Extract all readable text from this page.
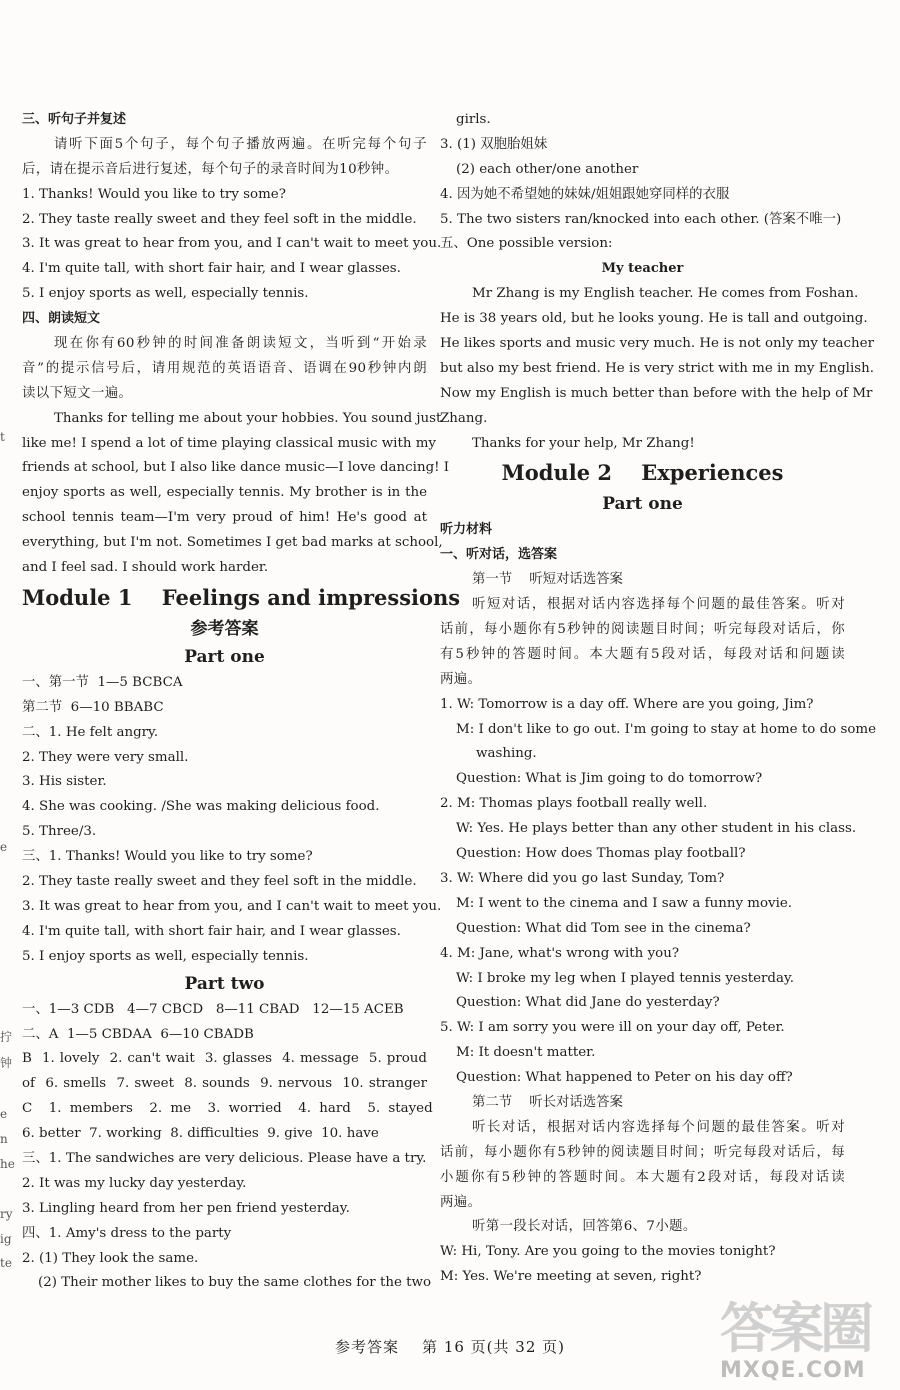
三、听句子并复述
请听下面5个句子，每个句子播放两遍。在听完每个句子
后，请在提示音后进行复述，每个句子的录音时间为10秒钟。
1. Thanks! Would you like to try some?
2. They taste really sweet and they feel soft in the middle.
3. It was great to hear from you, and I can't wait to meet you.
4. I'm quite tall, with short fair hair, and I wear glasses.
5. I enjoy sports as well, especially tennis.
四、朗读短文
现在你有60秒钟的时间准备朗读短文，当听到“开始录
音”的提示信号后，请用规范的英语语音、语调在90秒钟内朗
读以下短文一遍。
Thanks for telling me about your hobbies. You sound just
like me! I spend a lot of time playing classical music with my
friends at school, but I also like dance music—I love dancing! I
enjoy sports as well, especially tennis. My brother is in the
school tennis team—I'm very proud of him! He's good at
everything, but I'm not. Sometimes I get bad marks at school,
and I feel sad. I should work harder.
Module 1    Feelings and impressions
参考答案
Part one
一、第一节  1—5 BCBCA
第二节  6—10 BBABC
二、1. He felt angry.
2. They were very small.
3. His sister.
4. She was cooking. /She was making delicious food.
5. Three/3.
三、1. Thanks! Would you like to try some?
2. They taste really sweet and they feel soft in the middle.
3. It was great to hear from you, and I can't wait to meet you.
4. I'm quite tall, with short fair hair, and I wear glasses.
5. I enjoy sports as well, especially tennis.
Part two
一、1—3 CDB   4—7 CBCD   8—11 CBAD   12—15 ACEB
二、A  1—5 CBDAA  6—10 CBADB
B  1. lovely  2. can't wait  3. glasses  4. message  5. proud
of  6. smells  7. sweet  8. sounds  9. nervous  10. stranger
C  1. members  2. me  3. worried  4. hard  5. stayed
6. better  7. working  8. difficulties  9. give  10. have
三、1. The sandwiches are very delicious. Please have a try.
2. It was my lucky day yesterday.
3. Lingling heard from her pen friend yesterday.
四、1. Amy's dress to the party
2. (1) They look the same.
(2) Their mother likes to buy the same clothes for the two
girls.
3. (1) 双胞胎姐妹
(2) each other/one another
4. 因为她不希望她的妹妹/姐姐跟她穿同样的衣服
5. The two sisters ran/knocked into each other. (答案不唯一)
五、One possible version:
My teacher
Mr Zhang is my English teacher. He comes from Foshan.
He is 38 years old, but he looks young. He is tall and outgoing.
He likes sports and music very much. He is not only my teacher
but also my best friend. He is very strict with me in my English.
Now my English is much better than before with the help of Mr
Zhang.
Thanks for your help, Mr Zhang!
Module 2    Experiences
Part one
听力材料
一、听对话，选答案
第一节    听短对话选答案
听短对话，根据对话内容选择每个问题的最佳答案。听对
话前，每小题你有5秒钟的阅读题目时间；听完每段对话后，你
有5秒钟的答题时间。本大题有5段对话，每段对话和问题读
两遍。
1. W: Tomorrow is a day off. Where are you going, Jim?
M: I don't like to go out. I'm going to stay at home to do some
washing.
Question: What is Jim going to do tomorrow?
2. M: Thomas plays football really well.
W: Yes. He plays better than any other student in his class.
Question: How does Thomas play football?
3. W: Where did you go last Sunday, Tom?
M: I went to the cinema and I saw a funny movie.
Question: What did Tom see in the cinema?
4. M: Jane, what's wrong with you?
W: I broke my leg when I played tennis yesterday.
Question: What did Jane do yesterday?
5. W: I am sorry you were ill on your day off, Peter.
M: It doesn't matter.
Question: What happened to Peter on his day off?
第二节    听长对话选答案
听长对话，根据对话内容选择每个问题的最佳答案。听对
话前，每小题你有5秒钟的阅读题目时间；听完每段对话后，每
小题你有5秒钟的答题时间。本大题有2段对话，每段对话读
两遍。
听第一段长对话，回答第6、7小题。
W: Hi, Tony. Are you going to the movies tonight?
M: Yes. We're meeting at seven, right?
拧
钟
e
n
he
ry
ig
te
t
e
参考答案    第 16 页(共 32 页)	答案圈
MXQE.COM
